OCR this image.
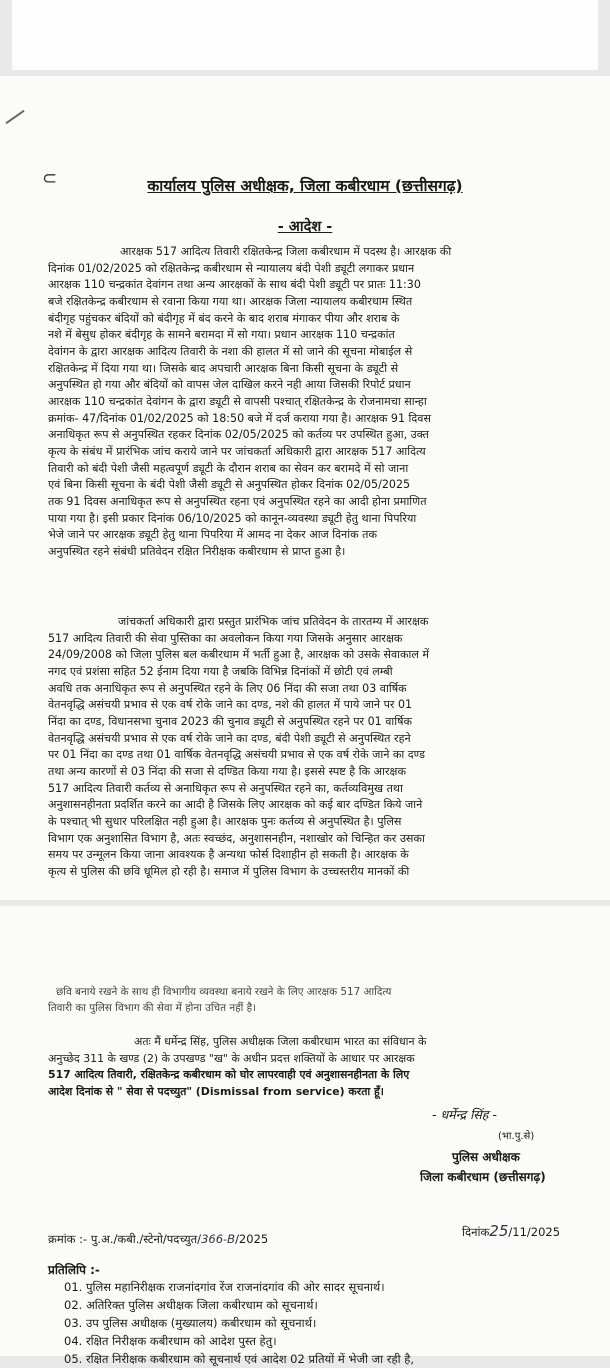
⊂	कार्यालय पुलिस अधीक्षक, जिला कबीरधाम (छत्तीसगढ़)
- आदेश -
आरक्षक 517 आदित्य तिवारी रक्षितकेन्द्र जिला कबीरधाम में पदस्थ है। आरक्षक की
दिनांक 01/02/2025 को रक्षितकेन्द्र कबीरधाम से न्यायालय बंदी पेशी ड्यूटी लगाकर प्रधान
आरक्षक 110 चन्द्रकांत देवांगन तथा अन्य आरक्षकों के साथ बंदी पेशी ड्यूटी पर प्रातः 11:30
बजे रक्षितकेन्द्र कबीरधाम से रवाना किया गया था। आरक्षक जिला न्यायालय कबीरधाम स्थित
बंदीगृह पहुंचकर बंदियों को बंदीगृह में बंद करने के बाद शराब मंगाकर पीया और शराब के
नशे में बेसुध होकर बंदीगृह के सामने बरामदा में सो गया। प्रधान आरक्षक 110 चन्द्रकांत
देवांगन के द्वारा आरक्षक आदित्य तिवारी के नशा की हालत में सो जाने की सूचना मोबाईल से
रक्षितकेन्द्र में दिया गया था। जिसके बाद अपचारी आरक्षक बिना किसी सूचना के ड्यूटी से
अनुपस्थित हो गया और बंदियों को वापस जेल दाखिल करने नही आया जिसकी रिपोर्ट प्रधान
आरक्षक 110 चन्द्रकांत देवांगन के द्वारा ड्यूटी से वापसी पश्चात् रक्षितकेन्द्र के रोजनामचा सान्हा
क्रमांक- 47/दिनांक 01/02/2025 को 18:50 बजे में दर्ज कराया गया है। आरक्षक 91 दिवस
अनाधिकृत रूप से अनुपस्थित रहकर दिनांक 02/05/2025 को कर्तव्य पर उपस्थित हुआ, उक्त
कृत्य के संबंध में प्रारंभिक जांच कराये जाने पर जांचकर्ता अधिकारी द्वारा आरक्षक 517 आदित्य
तिवारी को बंदी पेशी जैसी महत्वपूर्ण ड्यूटी के दौरान शराब का सेवन कर बरामदे में सो जाना
एवं बिना किसी सूचना के बंदी पेशी जैसी ड्यूटी से अनुपस्थित होकर दिनांक 02/05/2025
तक 91 दिवस अनाधिकृत रूप से अनुपस्थित रहना एवं अनुपस्थित रहने का आदी होना प्रमाणित
पाया गया है। इसी प्रकार दिनांक 06/10/2025 को कानून-व्यवस्था ड्यूटी हेतु थाना पिपरिया
भेजे जाने पर आरक्षक ड्यूटी हेतु थाना पिपरिया में आमद ना देकर आज दिनांक तक
अनुपस्थित रहने संबंधी प्रतिवेदन रक्षित निरीक्षक कबीरधाम से प्राप्त हुआ है।
जांचकर्ता अधिकारी द्वारा प्रस्तुत प्रारंभिक जांच प्रतिवेदन के तारतम्य में आरक्षक
517 आदित्य तिवारी की सेवा पुस्तिका का अवलोकन किया गया जिसके अनुसार आरक्षक
24/09/2008 को जिला पुलिस बल कबीरधाम में भर्ती हुआ है, आरक्षक को उसके सेवाकाल में
नगद एवं प्रशंसा सहित 52 ईनाम दिया गया है जबकि विभिन्न दिनांकों में छोटी एवं लम्बी
अवधि तक अनाधिकृत रूप से अनुपस्थित रहने के लिए 06 निंदा की सजा तथा 03 वार्षिक
वेतनवृद्धि असंचयी प्रभाव से एक वर्ष रोके जाने का दण्ड, नशे की हालत में पाये जाने पर 01
निंदा का दण्ड, विधानसभा चुनाव 2023 की चुनाव ड्यूटी से अनुपस्थित रहने पर 01 वार्षिक
वेतनवृद्धि असंचयी प्रभाव से एक वर्ष रोके जाने का दण्ड, बंदी पेशी ड्यूटी से अनुपस्थित रहने
पर 01 निंदा का दण्ड तथा 01 वार्षिक वेतनवृद्धि असंचयी प्रभाव से एक वर्ष रोके जाने का दण्ड
तथा अन्य कारणों से 03 निंदा की सजा से दण्डित किया गया है। इससे स्पष्ट है कि आरक्षक
517 आदित्य तिवारी कर्तव्य से अनाधिकृत रूप से अनुपस्थित रहने का, कर्तव्यविमुख तथा
अनुशासनहीनता प्रदर्शित करने का आदी है जिसके लिए आरक्षक को कई बार दण्डित किये जाने
के पश्चात् भी सुधार परिलक्षित नही हुआ है। आरक्षक पुनः कर्तव्य से अनुपस्थित है। पुलिस
विभाग एक अनुशासित विभाग है, अतः स्वच्छंद, अनुशासनहीन, नशाखोर को चिन्हित कर उसका
समय पर उन्मूलन किया जाना आवश्यक है अन्यथा फोर्स दिशाहीन हो सकती है। आरक्षक के
कृत्य से पुलिस की छवि धूमिल हो रही है। समाज में पुलिस विभाग के उच्चस्तरीय मानकों की
छवि बनाये रखने के साथ ही विभागीय व्यवस्था बनाये रखने के लिए आरक्षक 517 आदित्य
तिवारी का पुलिस विभाग की सेवा में होना उचित नहीं है।
अतः मैं धर्मेन्द्र सिंह, पुलिस अधीक्षक जिला कबीरधाम भारत का संविधान के
अनुच्छेद 311 के खण्ड (2) के उपखण्ड "ख" के अधीन प्रदत्त शक्तियों के आधार पर आरक्षक
517 आदित्य तिवारी, रक्षितकेन्द्र कबीरधाम को घोर लापरवाही एवं अनुशासनहीनता के लिए
आदेश दिनांक से " सेवा से पदच्युत" (Dismissal from service) करता हूँ।
- धर्मेन्द्र सिंह -
(भा.पु.से)
पुलिस अधीक्षक
जिला कबीरधाम (छत्तीसगढ़)
क्रमांक :- पु.अ./कबी./स्टेनो/पदच्युत/366-B/2025	दिनांक25/11/2025
प्रतिलिपि :-
01. पुलिस महानिरीक्षक राजनांदगांव रेंज राजनांदगांव की ओर सादर सूचनार्थ।
02. अतिरिक्त पुलिस अधीक्षक जिला कबीरधाम को सूचनार्थ।
03. उप पुलिस अधीक्षक (मुख्यालय) कबीरधाम को सूचनार्थ।
04. रक्षित निरीक्षक कबीरधाम को आदेश पुस्त हेतु।
05. रक्षित निरीक्षक कबीरधाम को सूचनार्थ एवं आदेश 02 प्रतियों में भेजी जा रही है,
